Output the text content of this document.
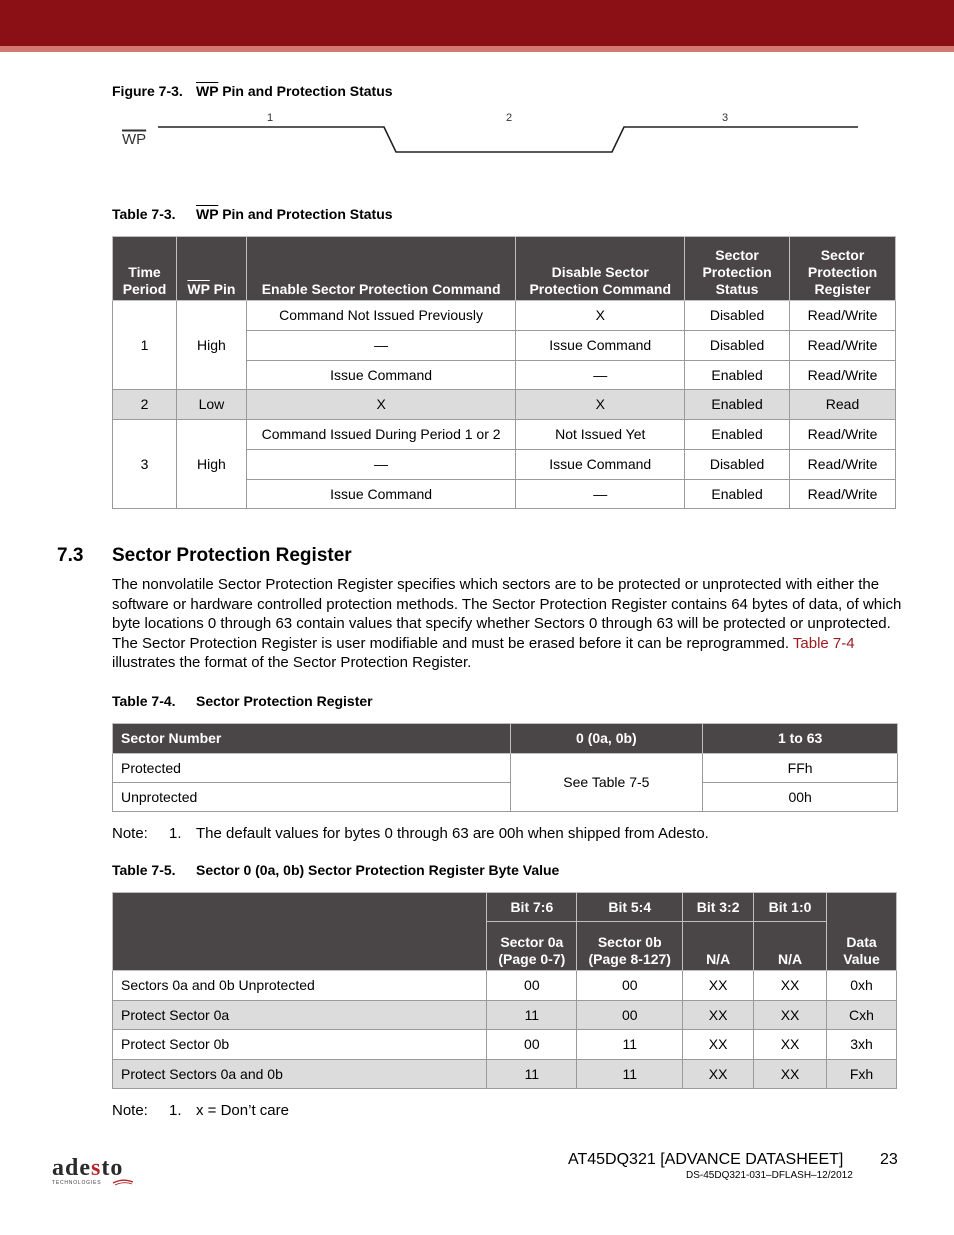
Figure 7-3. $\overline{WP}$ Pin and Protection Status
WP
1	2	3
Table 7-3. $\overline{WP}$ Pin and Protection Status
Time Period	$\overline{WP}$ Pin	Enable Sector Protection Command	Disable Sector Protection Command	Sector Protection Status	Sector Protection Register
1	High	Command Not Issued Previously	X	Disabled	Read/Write
		—	Issue Command	Disabled	Read/Write
		Issue Command	—	Enabled	Read/Write
2	Low	X	X	Enabled	Read
3	High	Command Issued During Period 1 or 2	Not Issued Yet	Enabled	Read/Write
		—	Issue Command	Disabled	Read/Write
		Issue Command	—	Enabled	Read/Write
7.3 Sector Protection Register
The nonvolatile Sector Protection Register specifies which sectors are to be protected or unprotected with either the software or hardware controlled protection methods. The Sector Protection Register contains 64 bytes of data, of which byte locations 0 through 63 contain values that specify whether Sectors 0 through 63 will be protected or unprotected. The Sector Protection Register is user modifiable and must be erased before it can be reprogrammed. Table 7-4 illustrates the format of the Sector Protection Register.
Table 7-4. Sector Protection Register
Sector Number	0 (0a, 0b)	1 to 63
Protected	See Table 7-5	FFh
Unprotected		00h
Note: 1. The default values for bytes 0 through 63 are 00h when shipped from Adesto.
Table 7-5. Sector 0 (0a, 0b) Sector Protection Register Byte Value
	Bit 7:6	Bit 5:4	Bit 3:2	Bit 1:0	Data Value
	Sector 0a (Page 0-7)	Sector 0b (Page 8-127)	N/A	N/A	
Sectors 0a and 0b Unprotected	00	00	XX	XX	0xh
Protect Sector 0a	11	00	XX	XX	Cxh
Protect Sector 0b	00	11	XX	XX	3xh
Protect Sectors 0a and 0b	11	11	XX	XX	Fxh
Note: 1. x = Don’t care
adesto
TECHNOLOGIES
AT45DQ321 [ADVANCE DATASHEET] 23
DS-45DQ321-031–DFLASH–12/2012
